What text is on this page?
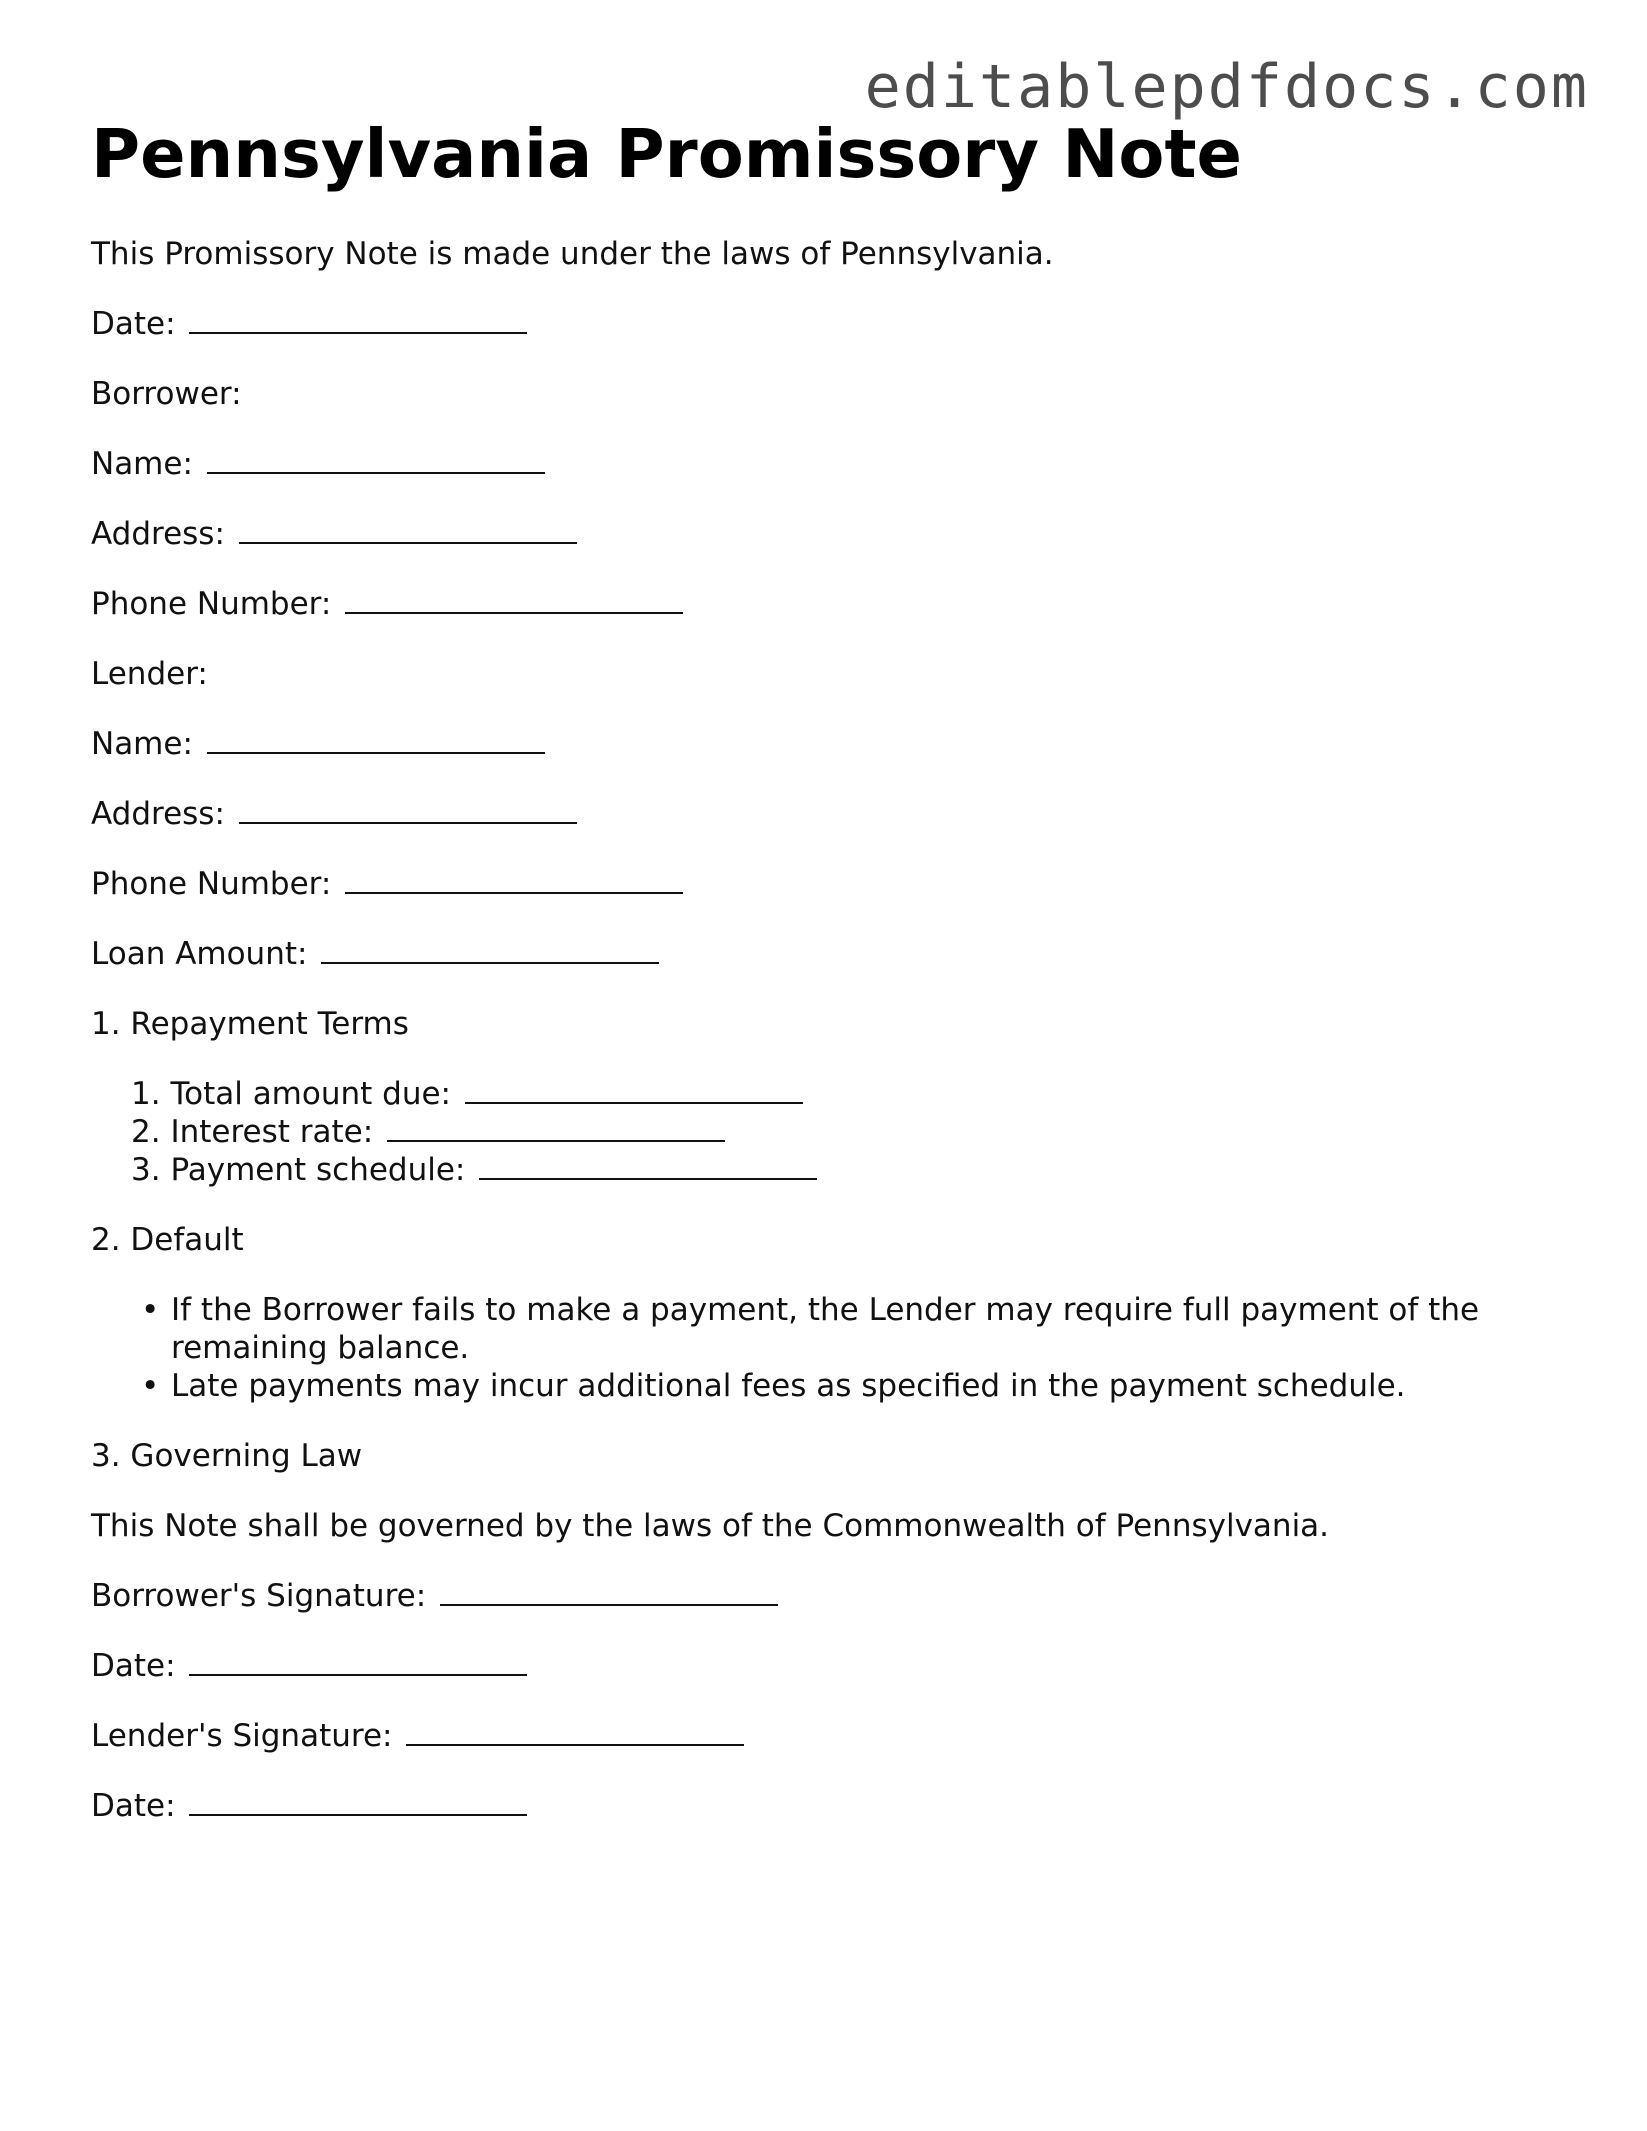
editablepdfdocs.com
Pennsylvania Promissory Note

This Promissory Note is made under the laws of Pennsylvania.

Date:

Borrower:

Name:

Address:

Phone Number:

Lender:

Name:

Address:

Phone Number:

Loan Amount:

1. Repayment Terms

1. Total amount due:
2. Interest rate:
3. Payment schedule:

2. Default

• If the Borrower fails to make a payment, the Lender may require full payment of the remaining balance.
• Late payments may incur additional fees as specified in the payment schedule.

3. Governing Law

This Note shall be governed by the laws of the Commonwealth of Pennsylvania.

Borrower's Signature:

Date:

Lender's Signature:

Date:
